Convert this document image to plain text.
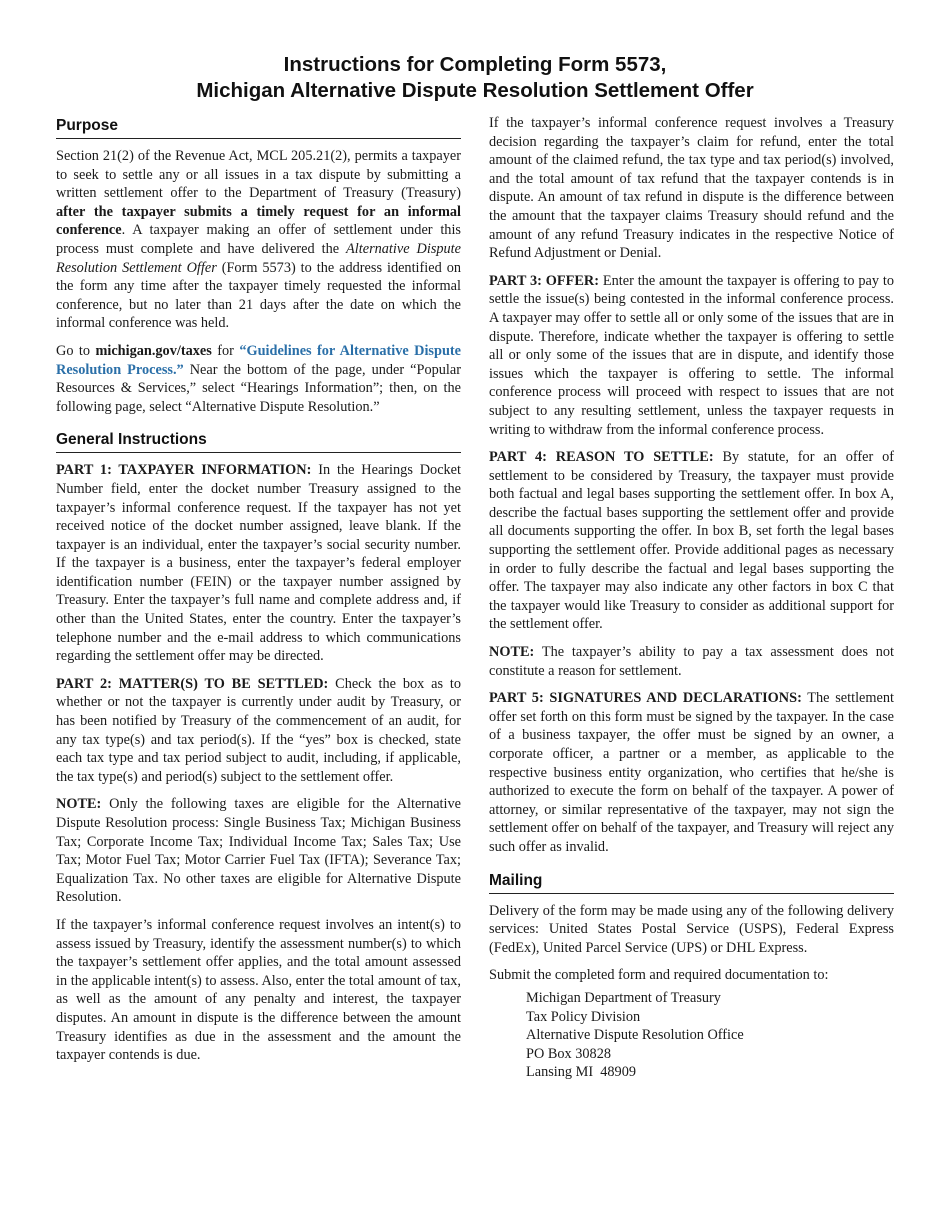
Instructions for Completing Form 5573,
Michigan Alternative Dispute Resolution Settlement Offer
Purpose

Section 21(2) of the Revenue Act, MCL 205.21(2), permits a taxpayer to seek to settle any or all issues in a tax dispute by submitting a written settlement offer to the Department of Treasury (Treasury) after the taxpayer submits a timely request for an informal conference. A taxpayer making an offer of settlement under this process must complete and have delivered the Alternative Dispute Resolution Settlement Offer (Form 5573) to the address identified on the form any time after the taxpayer timely requested the informal conference, but no later than 21 days after the date on which the informal conference was held.

Go to michigan.gov/taxes for “Guidelines for Alternative Dispute Resolution Process.” Near the bottom of the page, under “Popular Resources & Services,” select “Hearings Information”; then, on the following page, select “Alternative Dispute Resolution.”

General Instructions

PART 1: TAXPAYER INFORMATION: In the Hearings Docket Number field, enter the docket number Treasury assigned to the taxpayer’s informal conference request. If the taxpayer has not yet received notice of the docket number assigned, leave blank. If the taxpayer is an individual, enter the taxpayer’s social security number. If the taxpayer is a business, enter the taxpayer’s federal employer identification number (FEIN) or the taxpayer number assigned by Treasury. Enter the taxpayer’s full name and complete address and, if other than the United States, enter the country. Enter the taxpayer’s telephone number and the e-mail address to which communications regarding the settlement offer may be directed.

PART 2: MATTER(S) TO BE SETTLED: Check the box as to whether or not the taxpayer is currently under audit by Treasury, or has been notified by Treasury of the commencement of an audit, for any tax type(s) and tax period(s). If the “yes” box is checked, state each tax type and tax period subject to audit, including, if applicable, the tax type(s) and period(s) subject to the settlement offer.

NOTE: Only the following taxes are eligible for the Alternative Dispute Resolution process: Single Business Tax; Michigan Business Tax; Corporate Income Tax; Individual Income Tax; Sales Tax; Use Tax; Motor Fuel Tax; Motor Carrier Fuel Tax (IFTA); Severance Tax; Equalization Tax. No other taxes are eligible for Alternative Dispute Resolution.

If the taxpayer’s informal conference request involves an intent(s) to assess issued by Treasury, identify the assessment number(s) to which the taxpayer’s settlement offer applies, and the total amount assessed in the applicable intent(s) to assess. Also, enter the total amount of tax, as well as the amount of any penalty and interest, the taxpayer disputes. An amount in dispute is the difference between the amount Treasury identifies as due in the assessment and the amount the taxpayer contends is due.

If the taxpayer’s informal conference request involves a Treasury decision regarding the taxpayer’s claim for refund, enter the total amount of the claimed refund, the tax type and tax period(s) involved, and the total amount of tax refund that the taxpayer contends is in dispute. An amount of tax refund in dispute is the difference between the amount that the taxpayer claims Treasury should refund and the amount of any refund Treasury indicates in the respective Notice of Refund Adjustment or Denial.

PART 3: OFFER: Enter the amount the taxpayer is offering to pay to settle the issue(s) being contested in the informal conference process. A taxpayer may offer to settle all or only some of the issues that are in dispute. Therefore, indicate whether the taxpayer is offering to settle all or only some of the issues that are in dispute, and identify those issues which the taxpayer is offering to settle. The informal conference process will proceed with respect to issues that are not subject to any resulting settlement, unless the taxpayer requests in writing to withdraw from the informal conference process.

PART 4: REASON TO SETTLE: By statute, for an offer of settlement to be considered by Treasury, the taxpayer must provide both factual and legal bases supporting the settlement offer. In box A, describe the factual bases supporting the settlement offer and provide all documents supporting the offer. In box B, set forth the legal bases supporting the settlement offer. Provide additional pages as necessary in order to fully describe the factual and legal bases supporting the offer. The taxpayer may also indicate any other factors in box C that the taxpayer would like Treasury to consider as additional support for the settlement offer.

NOTE: The taxpayer’s ability to pay a tax assessment does not constitute a reason for settlement.

PART 5: SIGNATURES AND DECLARATIONS: The settlement offer set forth on this form must be signed by the taxpayer. In the case of a business taxpayer, the offer must be signed by an owner, a corporate officer, a partner or a member, as applicable to the respective business entity organization, who certifies that he/she is authorized to execute the form on behalf of the taxpayer. A power of attorney, or similar representative of the taxpayer, may not sign the settlement offer on behalf of the taxpayer, and Treasury will reject any such offer as invalid.

Mailing

Delivery of the form may be made using any of the following delivery services: United States Postal Service (USPS), Federal Express (FedEx), United Parcel Service (UPS) or DHL Express.

Submit the completed form and required documentation to:

Michigan Department of Treasury
Tax Policy Division
Alternative Dispute Resolution Office
PO Box 30828
Lansing MI  48909
